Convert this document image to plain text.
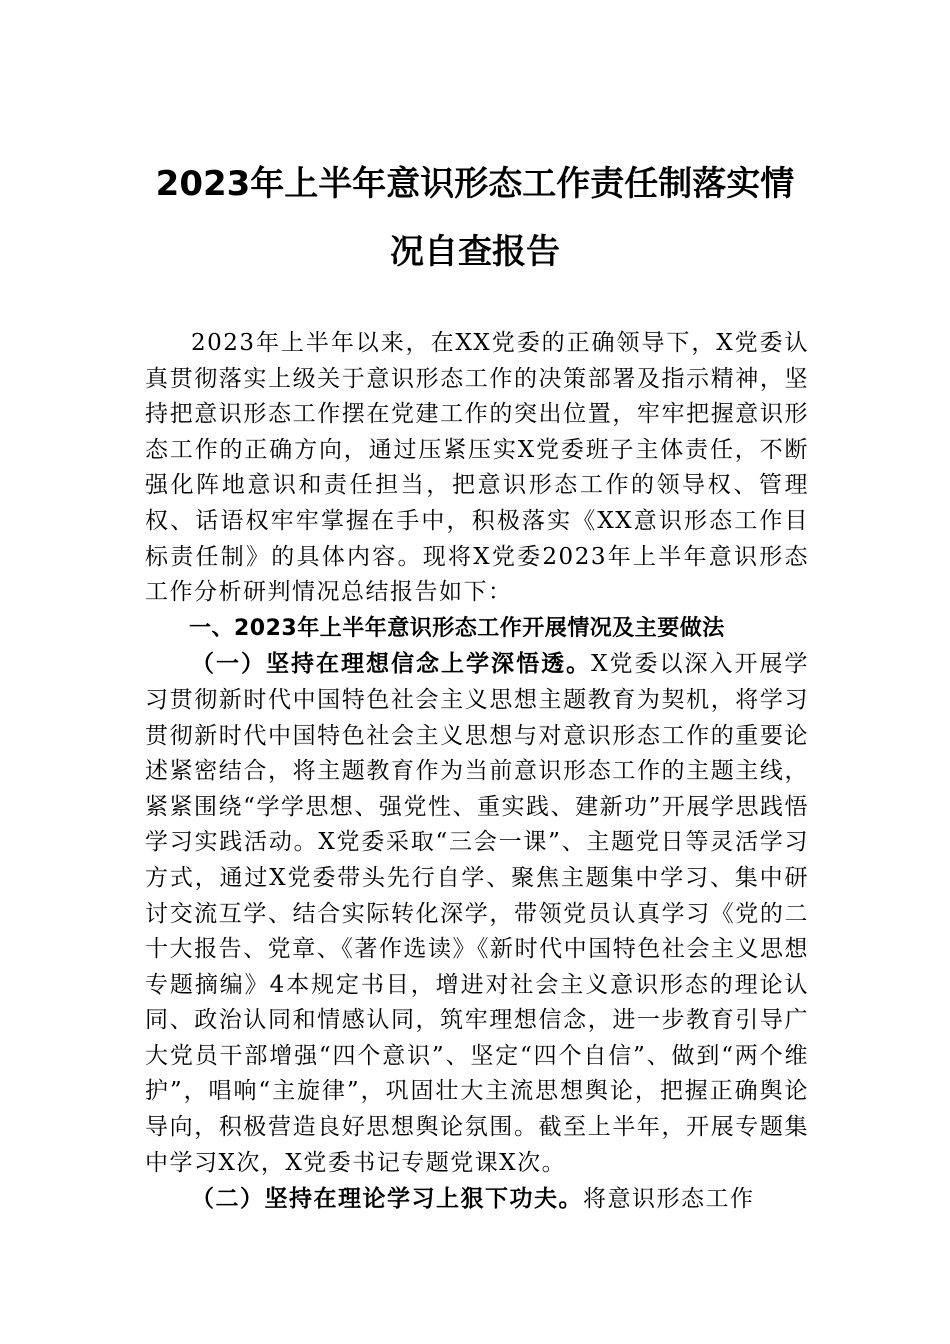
2023年上半年意识形态工作责任制落实情
况自查报告

2023年上半年以来，在XX党委的正确领导下，X党委认真贯彻落实上级关于意识形态工作的决策部署及指示精神，坚持把意识形态工作摆在党建工作的突出位置，牢牢把握意识形态工作的正确方向，通过压紧压实X党委班子主体责任，不断强化阵地意识和责任担当，把意识形态工作的领导权、管理权、话语权牢牢掌握在手中，积极落实《XX意识形态工作目标责任制》的具体内容。现将X党委2023年上半年意识形态工作分析研判情况总结报告如下：

一、2023年上半年意识形态工作开展情况及主要做法

（一）坚持在理想信念上学深悟透。X党委以深入开展学习贯彻新时代中国特色社会主义思想主题教育为契机，将学习贯彻新时代中国特色社会主义思想与对意识形态工作的重要论述紧密结合，将主题教育作为当前意识形态工作的主题主线，紧紧围绕“学学思想、强党性、重实践、建新功”开展学思践悟学习实践活动。X党委采取“三会一课”、主题党日等灵活学习方式，通过X党委带头先行自学、聚焦主题集中学习、集中研讨交流互学、结合实际转化深学，带领党员认真学习《党的二十大报告、党章、《著作选读》《新时代中国特色社会主义思想专题摘编》4本规定书目，增进对社会主义意识形态的理论认同、政治认同和情感认同，筑牢理想信念，进一步教育引导广大党员干部增强“四个意识”、坚定“四个自信”、做到“两个维护”，唱响“主旋律”，巩固壮大主流思想舆论，把握正确舆论导向，积极营造良好思想舆论氛围。截至上半年，开展专题集中学习X次，X党委书记专题党课X次。

（二）坚持在理论学习上狠下功夫。将意识形态工作
